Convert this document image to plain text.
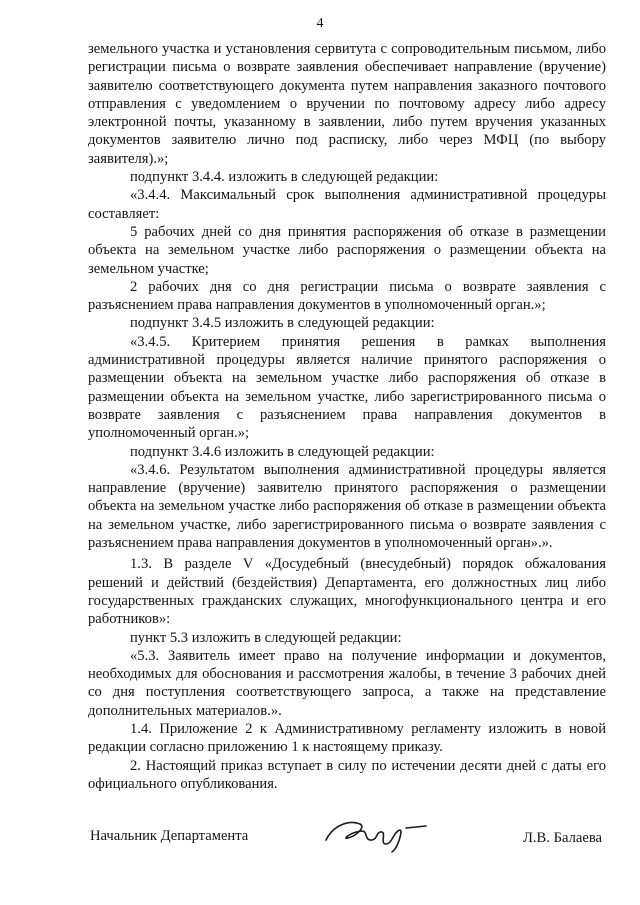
4

земельного участка и установления сервитута с сопроводительным письмом, либо регистрации письма о возврате заявления обеспечивает направление (вручение) заявителю соответствующего документа путем направления заказного почтового отправления с уведомлением о вручении по почтовому адресу либо адресу электронной почты, указанному в заявлении, либо путем вручения указанных документов заявителю лично под расписку, либо через МФЦ (по выбору заявителя).»;

подпункт 3.4.4. изложить в следующей редакции:

«3.4.4. Максимальный срок выполнения административной процедуры составляет:

5 рабочих дней со дня принятия распоряжения об отказе в размещении объекта на земельном участке либо распоряжения о размещении объекта на земельном участке;

2 рабочих дня со дня регистрации письма о возврате заявления с разъяснением права направления документов в уполномоченный орган.»;

подпункт 3.4.5 изложить в следующей редакции:

«3.4.5. Критерием принятия решения в рамках выполнения административной процедуры является наличие принятого распоряжения о размещении объекта на земельном участке либо распоряжения об отказе в размещении объекта на земельном участке, либо зарегистрированного письма о возврате заявления с разъяснением права направления документов в уполномоченный орган.»;

подпункт 3.4.6 изложить в следующей редакции:

«3.4.6. Результатом выполнения административной процедуры является направление (вручение) заявителю принятого распоряжения о размещении объекта на земельном участке либо распоряжения об отказе в размещении объекта на земельном участке, либо зарегистрированного письма о возврате заявления с разъяснением права направления документов в уполномоченный орган».».

1.3. В разделе V «Досудебный (внесудебный) порядок обжалования решений и действий (бездействия) Департамента, его должностных лиц либо государственных гражданских служащих, многофункционального центра и его работников»:

пункт 5.3 изложить в следующей редакции:

«5.3. Заявитель имеет право на получение информации и документов, необходимых для обоснования и рассмотрения жалобы, в течение 3 рабочих дней со дня поступления соответствующего запроса, а также на представление дополнительных материалов.».

1.4. Приложение 2 к Административному регламенту изложить в новой редакции согласно приложению 1 к настоящему приказу.

2. Настоящий приказ вступает в силу по истечении десяти дней с даты его официального опубликования.

Начальник Департамента	Л.В. Балаева
